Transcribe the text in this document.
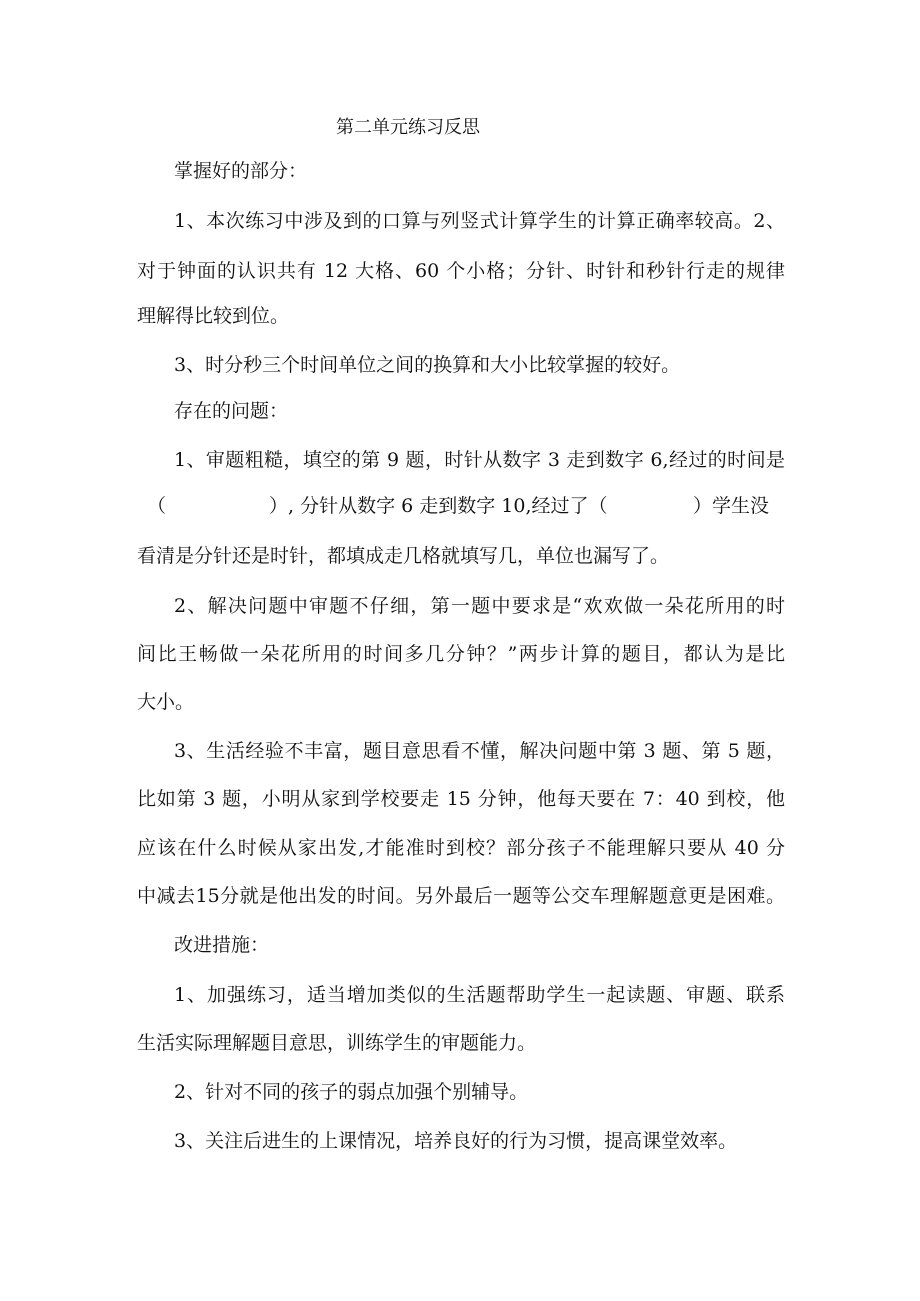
第二单元练习反思
掌握好的部分：
1、本次练习中涉及到的口算与列竖式计算学生的计算正确率较高。2、
对于钟面的认识共有 12 大格、60 个小格；分针、时针和秒针行走的规律
理解得比较到位。
3、时分秒三个时间单位之间的换算和大小比较掌握的较好。
存在的问题：
1、审题粗糙，填空的第 9 题，时针从数字 3 走到数字 6,经过的时间是
（	）, 分针从数字 6 走到数字 10,经过了（	）学生没
看清是分针还是时针，都填成走几格就填写几，单位也漏写了。
2、解决问题中审题不仔细，第一题中要求是“欢欢做一朵花所用的时
间比王畅做一朵花所用的时间多几分钟？”两步计算的题目，都认为是比
大小。
3、生活经验不丰富，题目意思看不懂，解决问题中第 3 题、第 5 题，
比如第 3 题，小明从家到学校要走 15 分钟，他每天要在 7：40 到校，他
应该在什么时候从家出发,才能准时到校？部分孩子不能理解只要从 40 分
中减去15分就是他出发的时间。另外最后一题等公交车理解题意更是困难。
改进措施：
1、加强练习，适当增加类似的生活题帮助学生一起读题、审题、联系
生活实际理解题目意思，训练学生的审题能力。
2、针对不同的孩子的弱点加强个别辅导。
3、关注后进生的上课情况，培养良好的行为习惯，提高课堂效率。
